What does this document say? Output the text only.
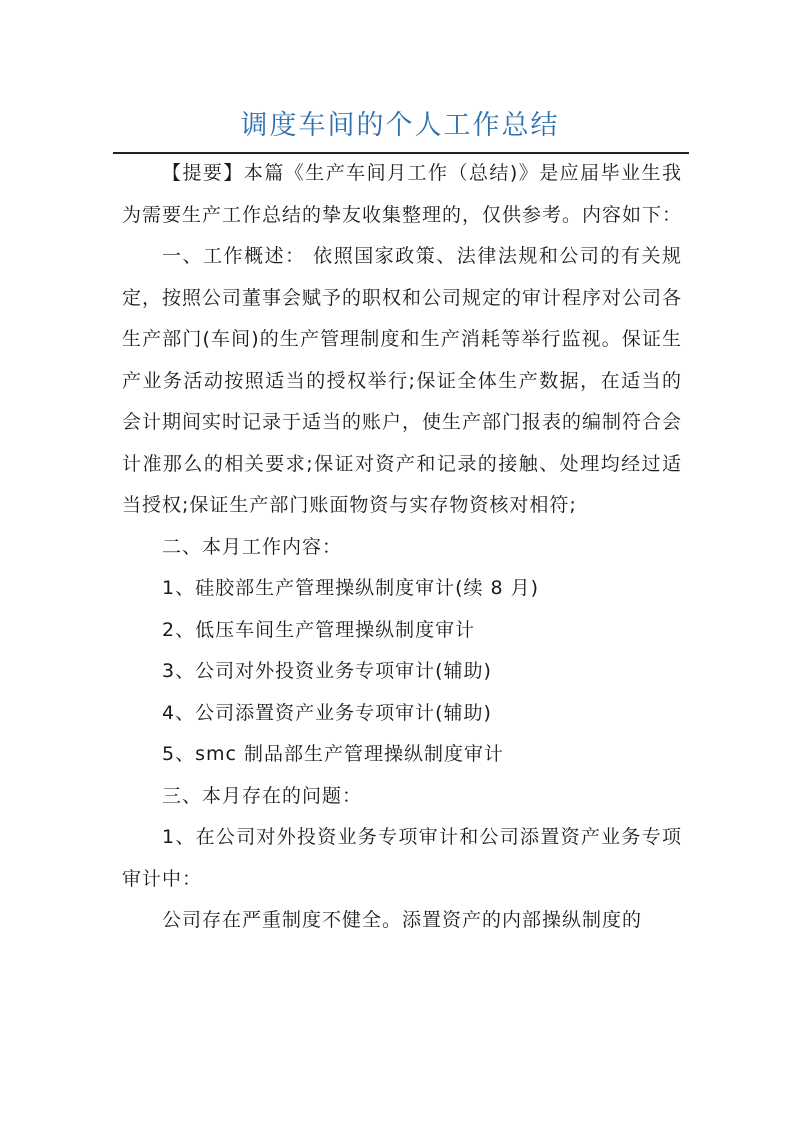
调度车间的个人工作总结

【提要】本篇《生产车间月工作（总结)》是应届毕业生我为需要生产工作总结的挚友收集整理的，仅供参考。内容如下：

一、工作概述： 依照国家政策、法律法规和公司的有关规定，按照公司董事会赋予的职权和公司规定的审计程序对公司各生产部门(车间)的生产管理制度和生产消耗等举行监视。保证生产业务活动按照适当的授权举行;保证全体生产数据，在适当的会计期间实时记录于适当的账户，使生产部门报表的编制符合会计准那么的相关要求;保证对资产和记录的接触、处理均经过适当授权;保证生产部门账面物资与实存物资核对相符;

二、本月工作内容：

1、硅胶部生产管理操纵制度审计(续 8 月)

2、低压车间生产管理操纵制度审计

3、公司对外投资业务专项审计(辅助)

4、公司添置资产业务专项审计(辅助)

5、smc 制品部生产管理操纵制度审计

三、本月存在的问题：

1、在公司对外投资业务专项审计和公司添置资产业务专项审计中：

公司存在严重制度不健全。添置资产的内部操纵制度的
